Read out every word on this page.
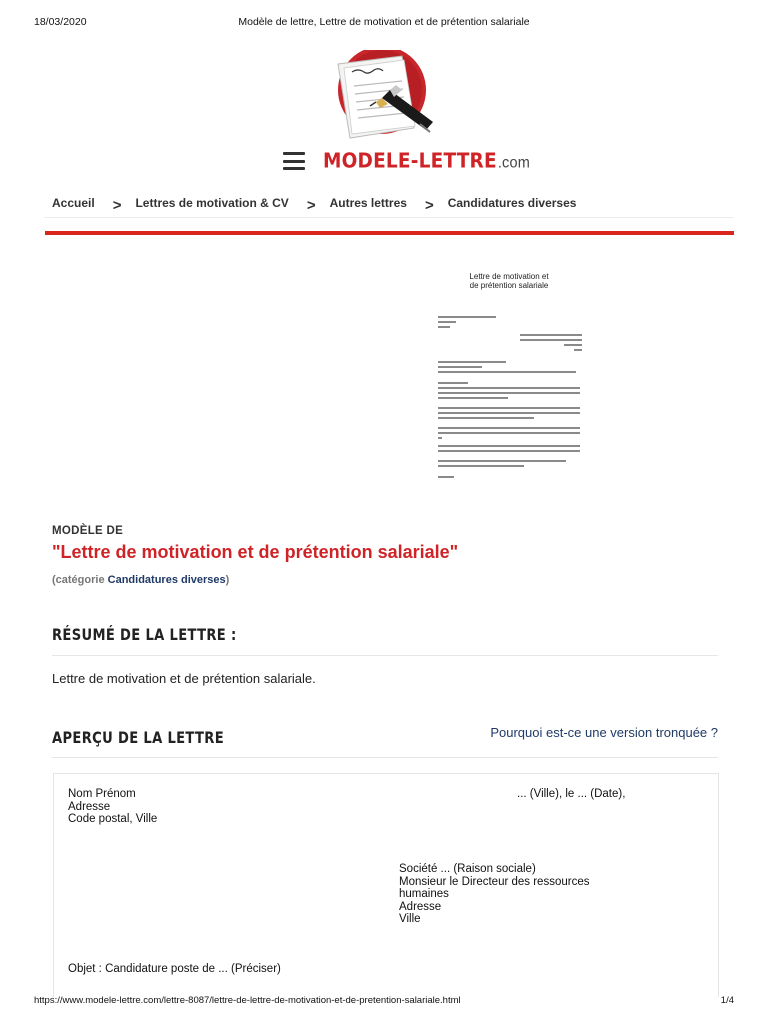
18/03/2020	Modèle de lettre, Lettre de motivation et de prétention salariale
MODELE-LETTRE.com
Accueil > Lettres de motivation & CV > Autres lettres > Candidatures diverses
Lettre de motivation et
de prétention salariale
MODÈLE DE
"Lettre de motivation et de prétention salariale"
(catégorie Candidatures diverses)
RÉSUMÉ DE LA LETTRE :

Lettre de motivation et de prétention salariale.

APERÇU DE LA LETTRE	Pourquoi est-ce une version tronquée ?
Nom Prénom
Adresse
Code postal, Ville
... (Ville), le ... (Date),
Société ... (Raison sociale)
Monsieur le Directeur des ressources humaines
Adresse
Ville
Objet : Candidature poste de ... (Préciser)
https://www.modele-lettre.com/lettre-8087/lettre-de-lettre-de-motivation-et-de-pretention-salariale.html	1/4
